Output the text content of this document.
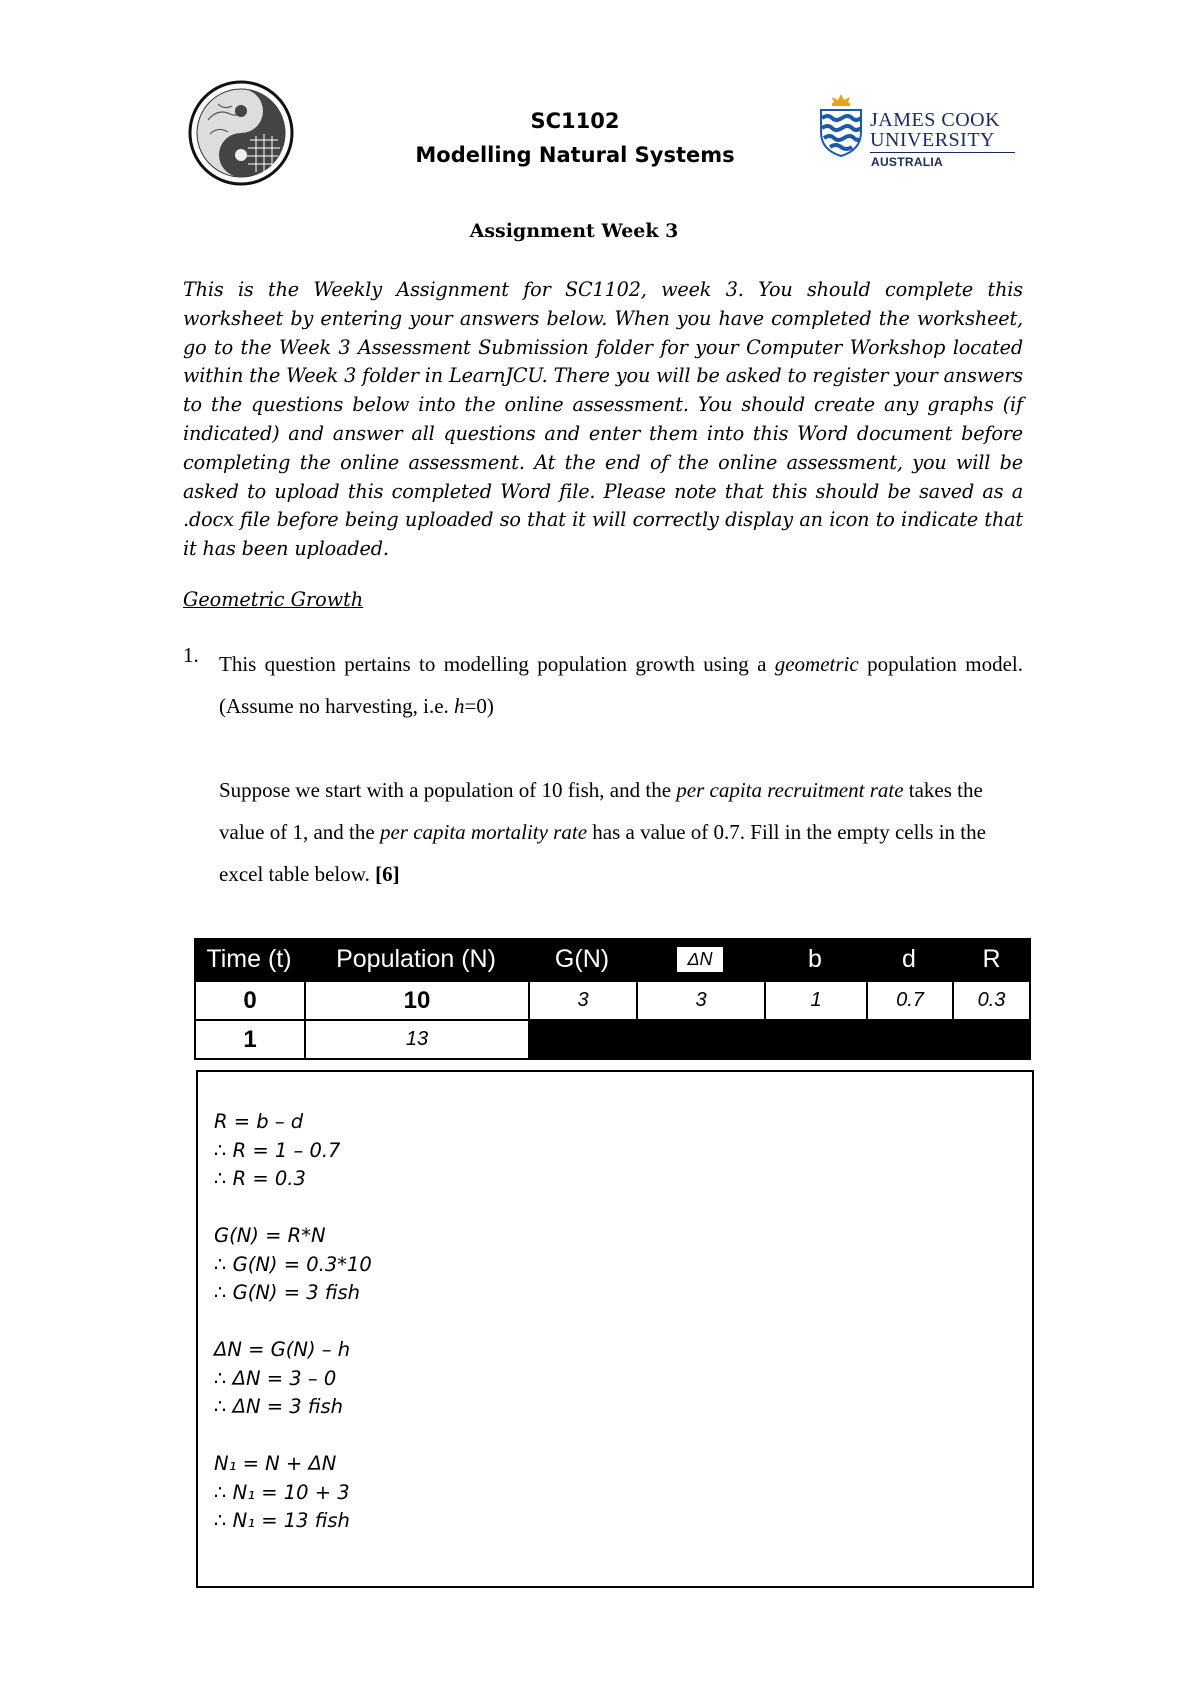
SC1102
Modelling Natural Systems
JAMES COOK
UNIVERSITY
AUSTRALIA
Assignment Week 3
This is the Weekly Assignment for SC1102, week 3. You should complete this worksheet by entering your answers below. When you have completed the worksheet, go to the Week 3 Assessment Submission folder for your Computer Workshop located within the Week 3 folder in LearnJCU. There you will be asked to register your answers to the questions below into the online assessment. You should create any graphs (if indicated) and answer all questions and enter them into this Word document before completing the online assessment. At the end of the online assessment, you will be asked to upload this completed Word file. Please note that this should be saved as a .docx file before being uploaded so that it will correctly display an icon to indicate that it has been uploaded.
Geometric Growth
1. This question pertains to modelling population growth using a geometric population model. (Assume no harvesting, i.e. h=0)
Suppose we start with a population of 10 fish, and the per capita recruitment rate takes the value of 1, and the per capita mortality rate has a value of 0.7. Fill in the empty cells in the excel table below. [6]
Time (t)	Population (N)	G(N)	ΔN	b	d	R
0	10	3	3	1	0.7	0.3
1	13
R = b – d
∴ R = 1 – 0.7
∴ R = 0.3
G(N) = R*N
∴ G(N) = 0.3*10
∴ G(N) = 3 fish
ΔN = G(N) – h
∴ ΔN = 3 – 0
∴ ΔN = 3 fish
N₁ = N + ΔN
∴ N₁ = 10 + 3
∴ N₁ = 13 fish
